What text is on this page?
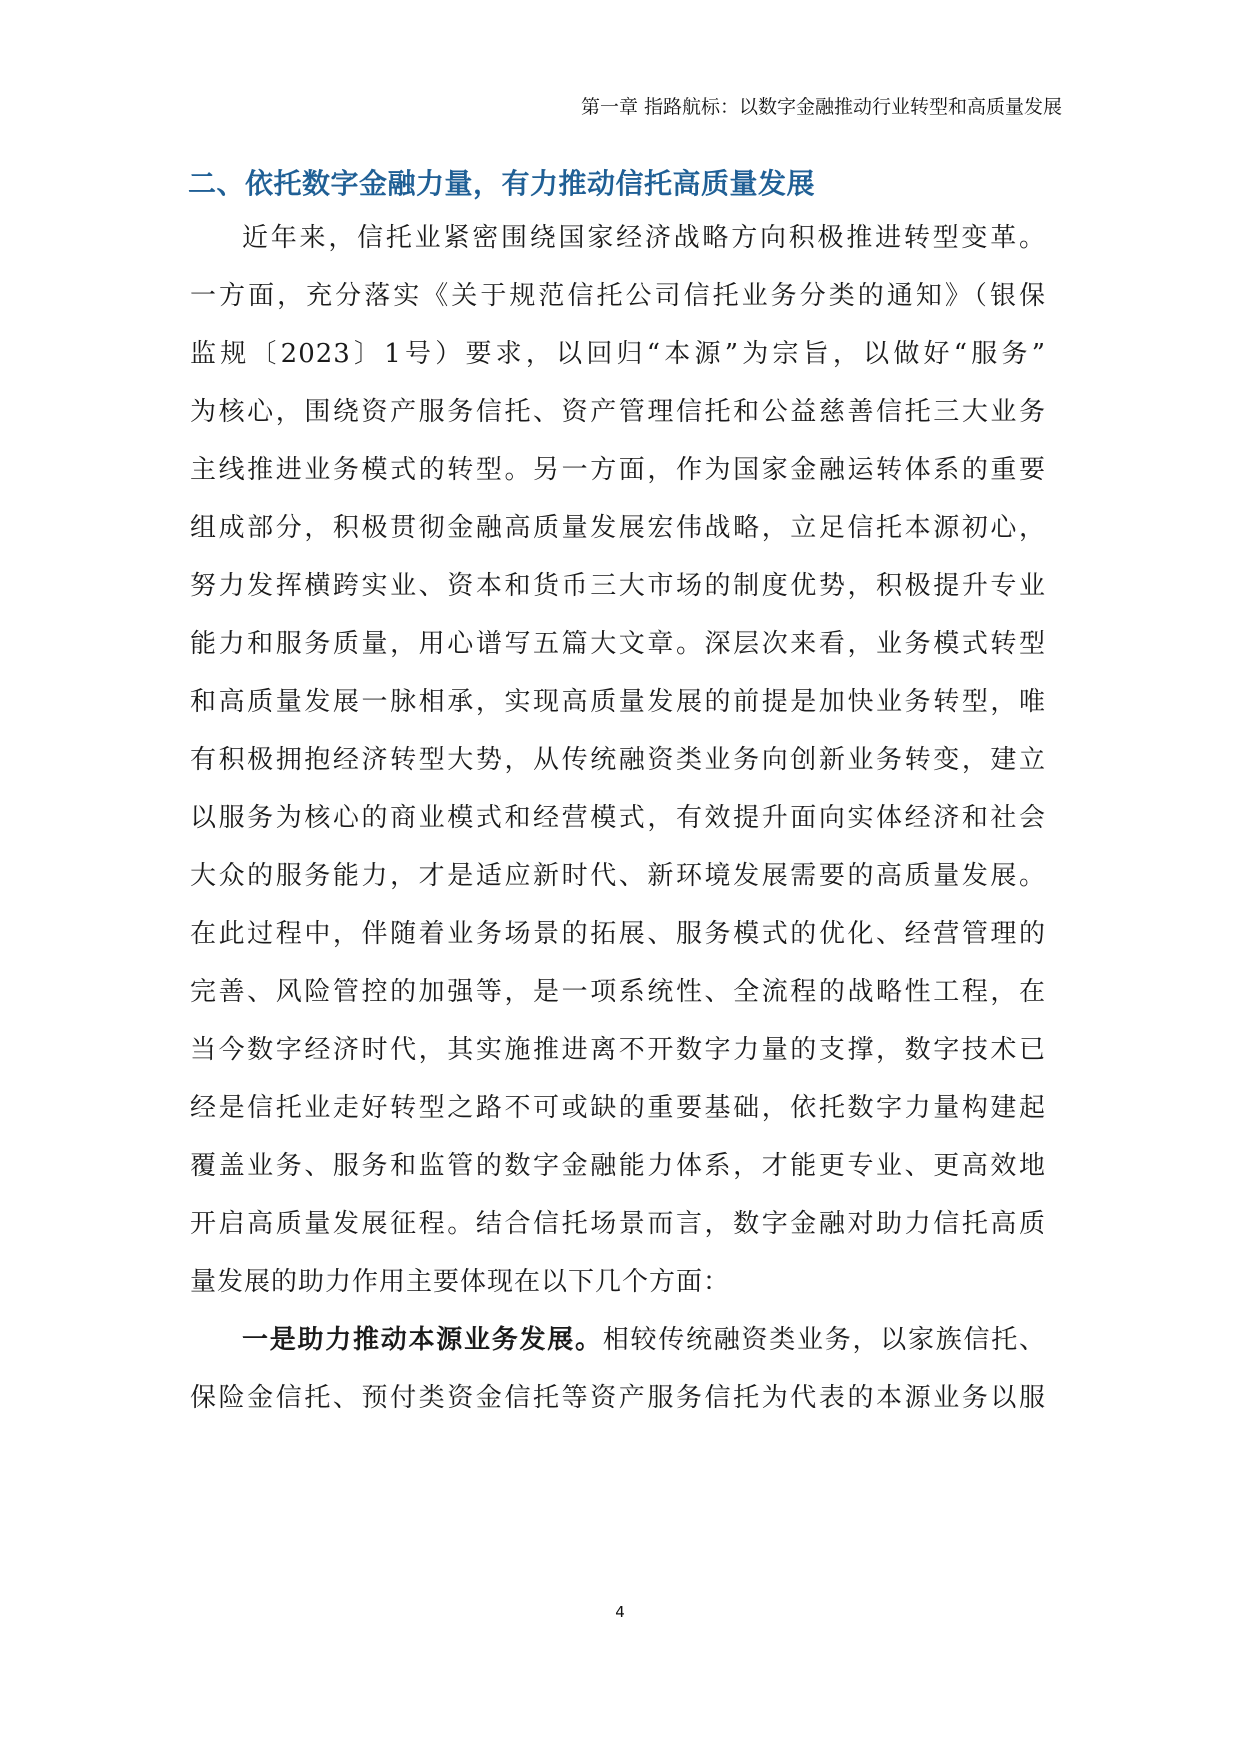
第一章 指路航标：以数字金融推动行业转型和高质量发展
二、依托数字金融力量，有力推动信托高质量发展
近年来，信托业紧密围绕国家经济战略方向积极推进转型变革。
一方面，充分落实《关于规范信托公司信托业务分类的通知》（银保
监规〔2023〕1号）要求，以回归“本源”为宗旨，以做好“服务”
为核心，围绕资产服务信托、资产管理信托和公益慈善信托三大业务
主线推进业务模式的转型。另一方面，作为国家金融运转体系的重要
组成部分，积极贯彻金融高质量发展宏伟战略，立足信托本源初心，
努力发挥横跨实业、资本和货币三大市场的制度优势，积极提升专业
能力和服务质量，用心谱写五篇大文章。深层次来看，业务模式转型
和高质量发展一脉相承，实现高质量发展的前提是加快业务转型，唯
有积极拥抱经济转型大势，从传统融资类业务向创新业务转变，建立
以服务为核心的商业模式和经营模式，有效提升面向实体经济和社会
大众的服务能力，才是适应新时代、新环境发展需要的高质量发展。
在此过程中，伴随着业务场景的拓展、服务模式的优化、经营管理的
完善、风险管控的加强等，是一项系统性、全流程的战略性工程，在
当今数字经济时代，其实施推进离不开数字力量的支撑，数字技术已
经是信托业走好转型之路不可或缺的重要基础，依托数字力量构建起
覆盖业务、服务和监管的数字金融能力体系，才能更专业、更高效地
开启高质量发展征程。结合信托场景而言，数字金融对助力信托高质
量发展的助力作用主要体现在以下几个方面：
一是助力推动本源业务发展。相较传统融资类业务，以家族信托、
保险金信托、预付类资金信托等资产服务信托为代表的本源业务以服
4
